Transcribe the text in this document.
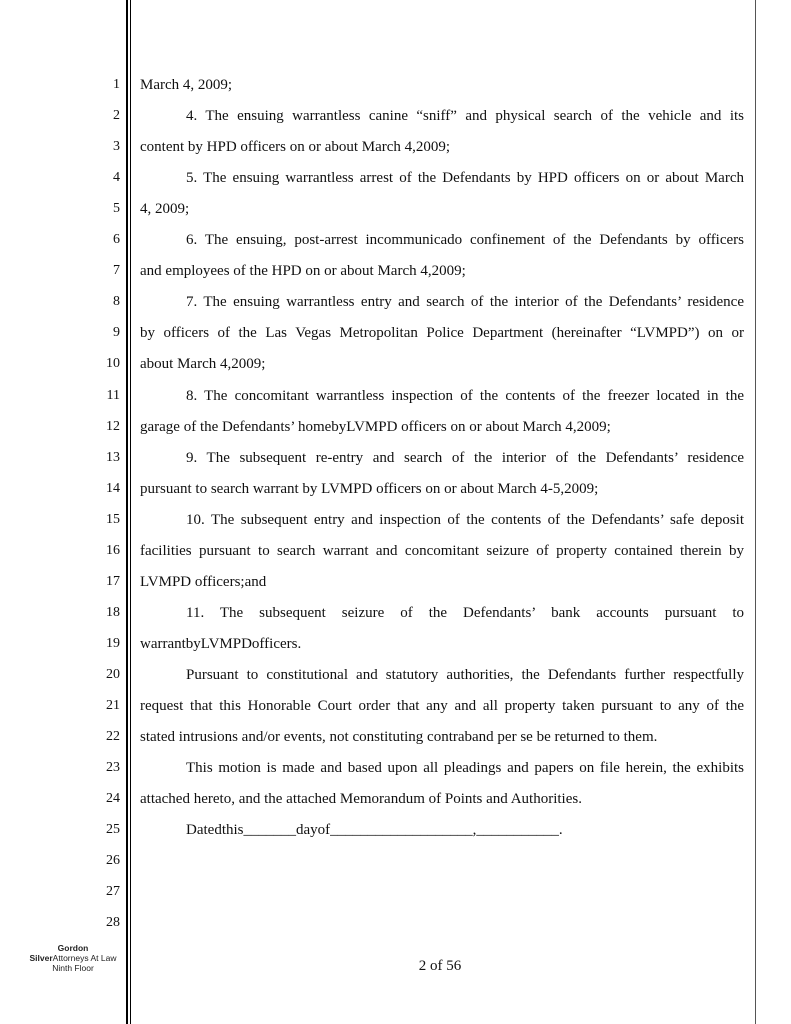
1
2
3
4
5
6
7
8
9
10
11
12
13
14
15
16
17
18
19
20
21
22
23
24
25
26
27
28
March 4, 2009;
4. The ensuing warrantless canine “sniff” and physical search of the vehicle and its
content by HPD officers on or about March 4,2009;
5. The ensuing warrantless arrest of the Defendants by HPD officers on or about March
4, 2009;
6. The ensuing, post-arrest incommunicado confinement of the Defendants by officers
and employees of the HPD on or about March 4,2009;
7. The ensuing warrantless entry and search of the interior of the Defendants’ residence
by officers of the Las Vegas Metropolitan Police Department (hereinafter “LVMPD”) on or
about March 4,2009;
8. The concomitant warrantless inspection of the contents of the freezer located in the
garage of the Defendants’ homebyLVMPD officers on or about March 4,2009;
9. The subsequent re-entry and search of the interior of the Defendants’ residence
pursuant to search warrant by LVMPD officers on or about March 4-5,2009;
10. The subsequent entry and inspection of the contents of the Defendants’ safe deposit
facilities pursuant to search warrant and concomitant seizure of property contained therein by
LVMPD officers;and
11. The subsequent seizure of the Defendants’ bank accounts pursuant to
warrantbyLVMPDofficers.
Pursuant to constitutional and statutory authorities, the Defendants further respectfully
request that this Honorable Court order that any and all property taken pursuant to any of the
stated intrusions and/or events, not constituting contraband per se be returned to them.
This motion is made and based upon all pleadings and papers on file herein, the exhibits
attached hereto, and the attached Memorandum of Points and Authorities.
Datedthis_______dayof___________________,___________.
Gordon SilverAttorneys At Law Ninth Floor	2 of 56
